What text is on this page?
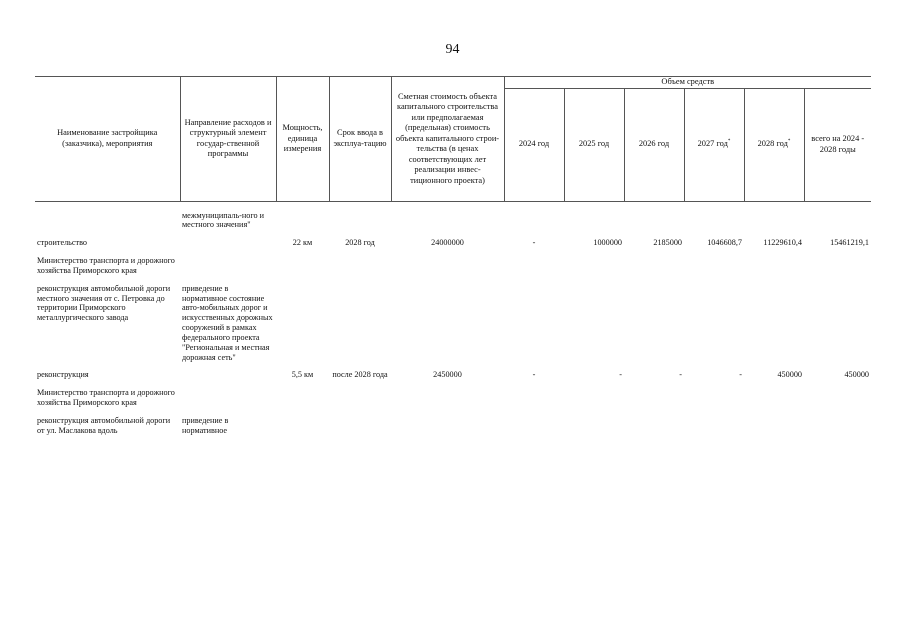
94
Наименование застройщика (заказчика), мероприятия	Направление расходов и структурный элемент государ-ственной программы	Мощность, единица измерения	Срок ввода в эксплуа-тацию	Сметная стоимость объекта капитального строительства или предполагаемая (предельная) стоимость объекта капитального строи-тельства (в ценах соответствующих лет реализации инвес-тиционного проекта)	Объем средств					
					2024 год	2025 год	2026 год	2027 год*	2028 год*	всего на 2024 - 2028 годы
	межмуниципаль-ного и местного значения"									
строительство		22 км	2028 год	24000000	-	1000000	2185000	1046608,7	11229610,4	15461219,1
Министерство транспорта и дорожного хозяйства Приморского края										
реконструкция автомобильной дороги местного значения от с. Петровка до территории Приморского металлургического завода	приведение в нормативное состояние авто-мобильных дорог и искусственных дорожных сооружений в рамках федерального проекта "Региональная и местная дорожная сеть"									
реконструкция		5,5 км	после 2028 года	2450000	-	-	-	-	450000	450000
Министерство транспорта и дорожного хозяйства Приморского края										
реконструкция автомобильной дороги от ул. Маслакова вдоль	приведение в нормативное									
